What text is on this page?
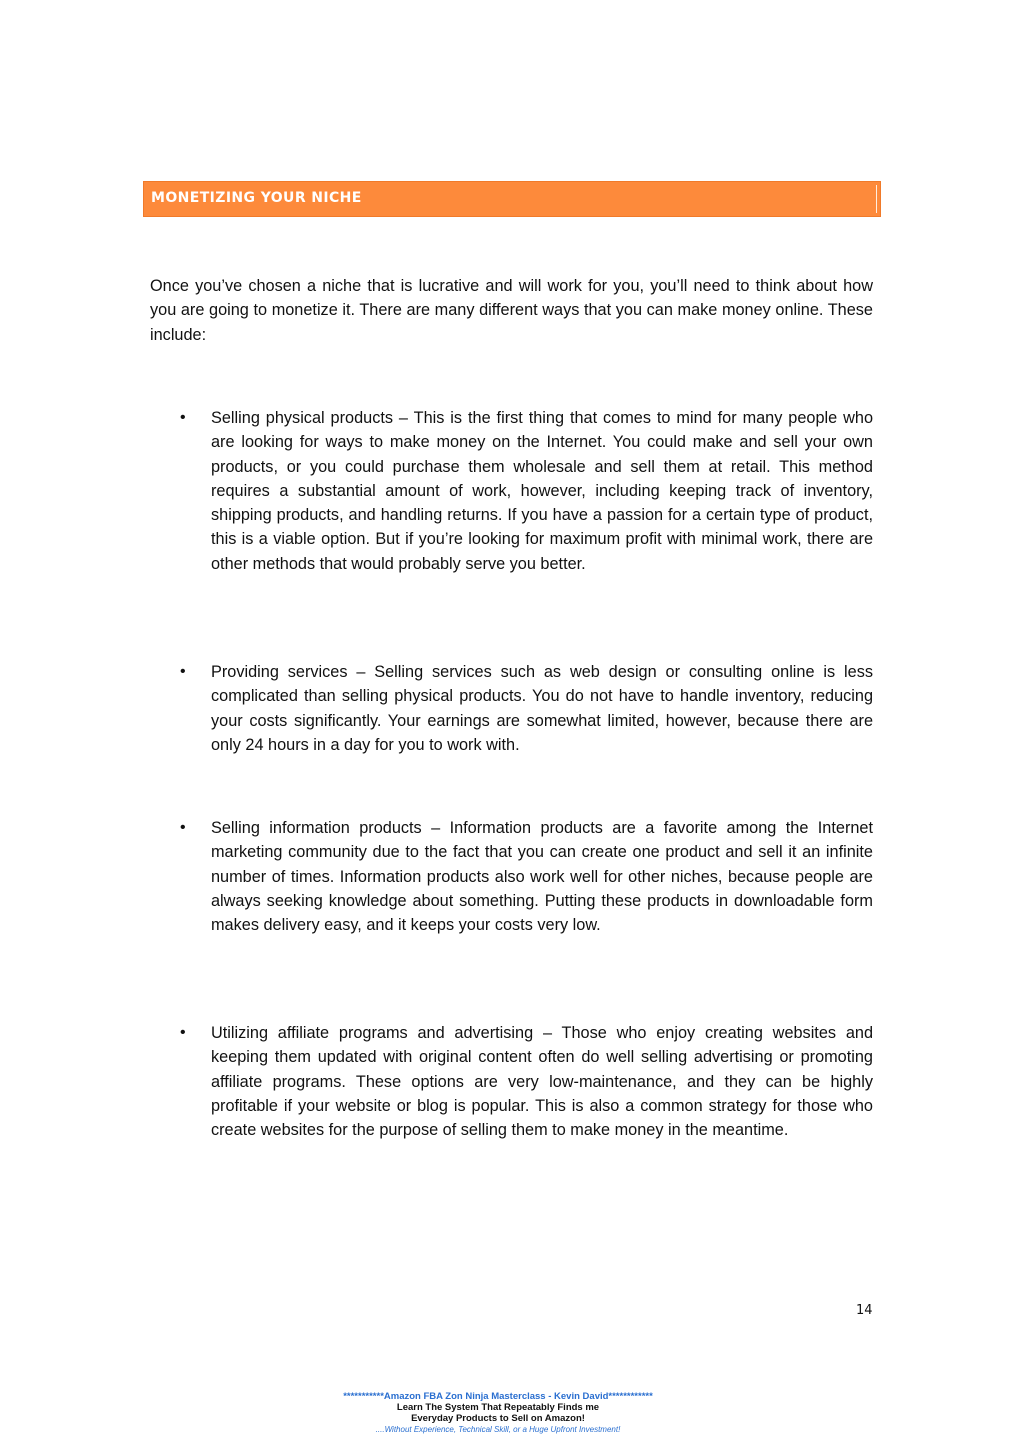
MONETIZING YOUR NICHE

Once you’ve chosen a niche that is lucrative and will work for you, you’ll need to think about how you are going to monetize it. There are many different ways that you can make money online. These include:

• Selling physical products – This is the first thing that comes to mind for many people who are looking for ways to make money on the Internet. You could make and sell your own products, or you could purchase them wholesale and sell them at retail. This method requires a substantial amount of work, however, including keeping track of inventory, shipping products, and handling returns. If you have a passion for a certain type of product, this is a viable option. But if you’re looking for maximum profit with minimal work, there are other methods that would probably serve you better.

• Providing services – Selling services such as web design or consulting online is less complicated than selling physical products. You do not have to handle inventory, reducing your costs significantly. Your earnings are somewhat limited, however, because there are only 24 hours in a day for you to work with.

• Selling information products – Information products are a favorite among the Internet marketing community due to the fact that you can create one product and sell it an infinite number of times. Information products also work well for other niches, because people are always seeking knowledge about something. Putting these products in downloadable form makes delivery easy, and it keeps your costs very low.

• Utilizing affiliate programs and advertising – Those who enjoy creating websites and keeping them updated with original content often do well selling advertising or promoting affiliate programs. These options are very low-maintenance, and they can be highly profitable if your website or blog is popular. This is also a common strategy for those who create websites for the purpose of selling them to make money in the meantime.

14
***********Amazon FBA Zon Ninja Masterclass - Kevin David************
Learn The System That Repeatably Finds me
Everyday Products to Sell on Amazon!
....Without Experience, Technical Skill, or a Huge Upfront Investment!
